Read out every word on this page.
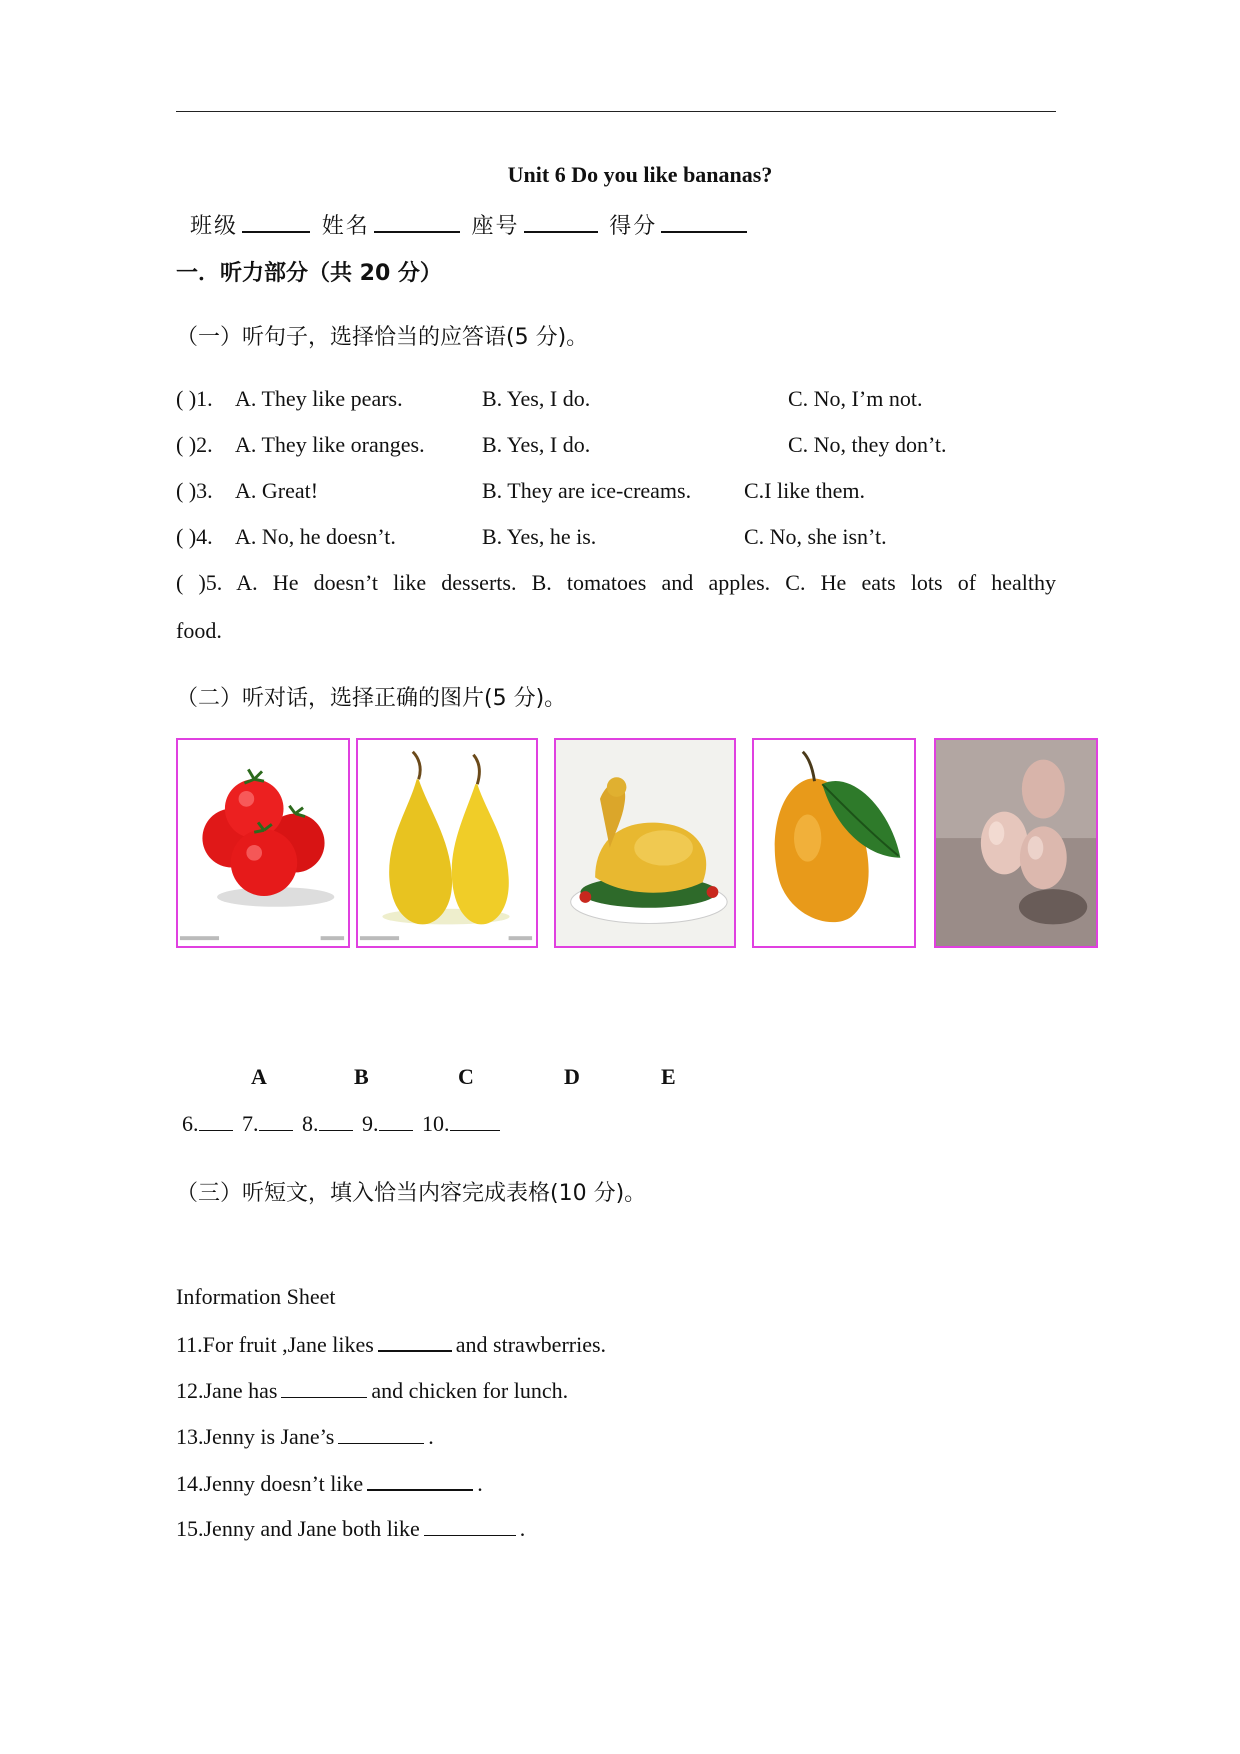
Unit 6 Do you like bananas?
班级	姓名	座号	得分
一．听力部分（共 20 分）
（一）听句子，选择恰当的应答语(5 分)。
( )1. A. They like pears.	B. Yes, I do.	C. No, I’m not.
( )2. A. They like oranges.	B. Yes, I do.	C. No, they don’t.
( )3. A. Great!	B. They are ice-creams. C.I like them.
( )4. A. No, he doesn’t.	B. Yes, he is.	C. No, she isn’t.
( )5. A. He doesn’t like desserts. B. tomatoes and apples. C. He eats lots of healthy
food.
（二）听对话，选择正确的图片(5 分)。
A	B	C	D	E
6. 7. 8. 9. 10.
（三）听短文，填入恰当内容完成表格(10 分)。
Information Sheet
11.For fruit ,Jane likes	and strawberries.
12.Jane has	and chicken for lunch.
13.Jenny is Jane’s	.
14.Jenny doesn’t like	.
15.Jenny and Jane both like	.
